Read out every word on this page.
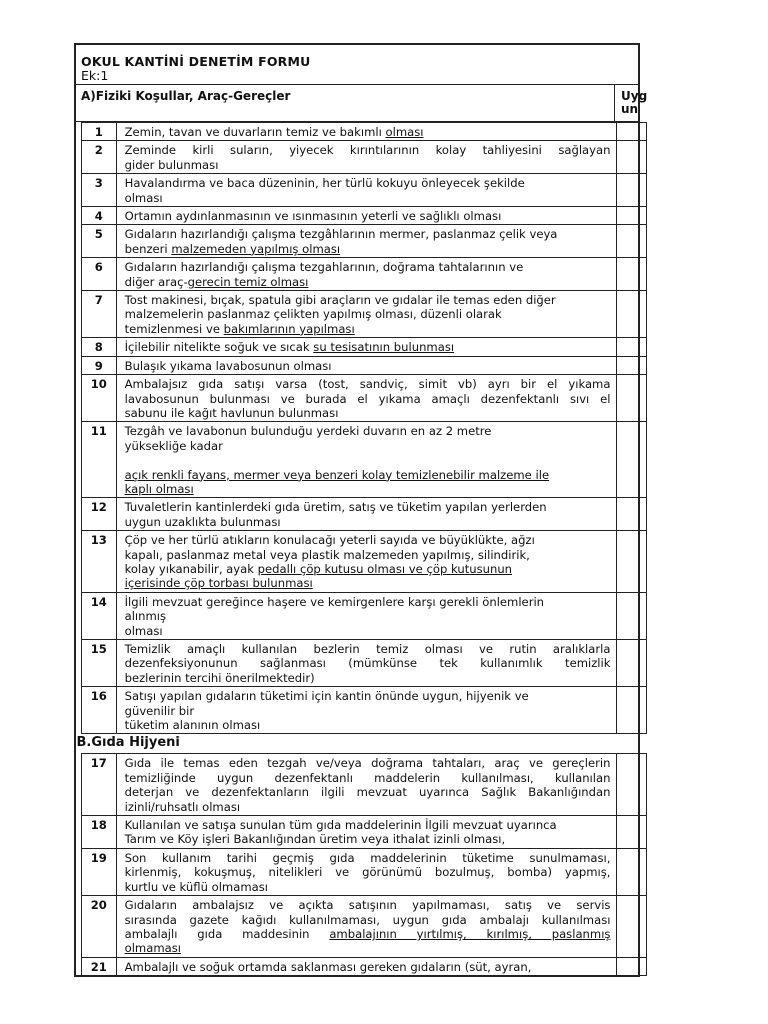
OKUL KANTİNİ DENETİM FORMU
Ek:1
A)Fiziki Koşullar, Araç-Gereçler	Uygun
1	Zemin, tavan ve duvarların temiz ve bakımlı olması	

2	Zeminde kirli suların, yiyecek kırıntılarının kolay tahliyesini sağlayan
gider bulunması	

3	Havalandırma ve baca düzeninin, her türlü kokuyu önleyecek şekilde
olması	

4	Ortamın aydınlanmasının ve ısınmasının yeterli ve sağlıklı olması	

5	Gıdaların hazırlandığı çalışma tezgâhlarının mermer, paslanmaz çelik veya
benzeri malzemeden yapılmış olması	

6	Gıdaların hazırlandığı çalışma tezgahlarının, doğrama tahtalarının ve
diğer araç-gerecin temiz olması	

7	Tost makinesi, bıçak, spatula gibi araçların ve gıdalar ile temas eden diğer
malzemelerin paslanmaz çelikten yapılmış olması, düzenli olarak
temizlenmesi ve bakımlarının yapılması	

8	İçilebilir nitelikte soğuk ve sıcak su tesisatının bulunması	

9	Bulaşık yıkama lavabosunun olması	

10	Ambalajsız gıda satışı varsa (tost, sandviç, simit vb) ayrı bir el yıkama
lavabosunun bulunması ve burada el yıkama amaçlı dezenfektanlı sıvı el
sabunu ile kağıt havlunun bulunması	

11	Tezgâh ve lavabonun bulunduğu yerdeki duvarın en az 2 metre
yüksekliğe kadar

açık renkli fayans, mermer veya benzeri kolay temizlenebilir malzeme ile
kaplı olması	

12	Tuvaletlerin kantinlerdeki gıda üretim, satış ve tüketim yapılan yerlerden
uygun uzaklıkta bulunması	

13	Çöp ve her türlü atıkların konulacağı yeterli sayıda ve büyüklükte, ağzı
kapalı, paslanmaz metal veya plastik malzemeden yapılmış, silindirik,
kolay yıkanabilir, ayak pedallı çöp kutusu olması ve çöp kutusunun
içerisinde çöp torbası bulunması	

14	İlgili mevzuat gereğince haşere ve kemirgenlere karşı gerekli önlemlerin
alınmış
olması	

15	Temizlik amaçlı kullanılan bezlerin temiz olması ve rutin aralıklarla
dezenfeksiyonunun sağlanması (mümkünse tek kullanımlık temizlik
bezlerinin tercihi önerilmektedir)	

16	Satışı yapılan gıdaların tüketimi için kantin önünde uygun, hijyenik ve
güvenilir bir
tüketim alanının olması	

B.Gıda Hijyeni		

17	Gıda ile temas eden tezgah ve/veya doğrama tahtaları, araç ve gereçlerin
temizliğinde uygun dezenfektanlı maddelerin kullanılması, kullanılan
deterjan ve dezenfektanların ilgili mevzuat uyarınca Sağlık Bakanlığından
izinli/ruhsatlı olması	

18	Kullanılan ve satışa sunulan tüm gıda maddelerinin İlgili mevzuat uyarınca
Tarım ve Köy işleri Bakanlığından üretim veya ithalat izinli olması,	

19	Son kullanım tarihi geçmiş gıda maddelerinin tüketime sunulmaması,
kirlenmiş, kokuşmuş, nitelikleri ve görünümü bozulmuş, bomba) yapmış,
kurtlu ve küflü olmaması	

20	Gıdaların ambalajsız ve açıkta satışının yapılmaması, satış ve servis
sırasında gazete kağıdı kullanılmaması, uygun gıda ambalajı kullanılması
ambalajlı gıda maddesinin ambalajının yırtılmış, kırılmış, paslanmış
olmaması	

21	Ambalajlı ve soğuk ortamda saklanması gereken gıdaların (süt, ayran,	
